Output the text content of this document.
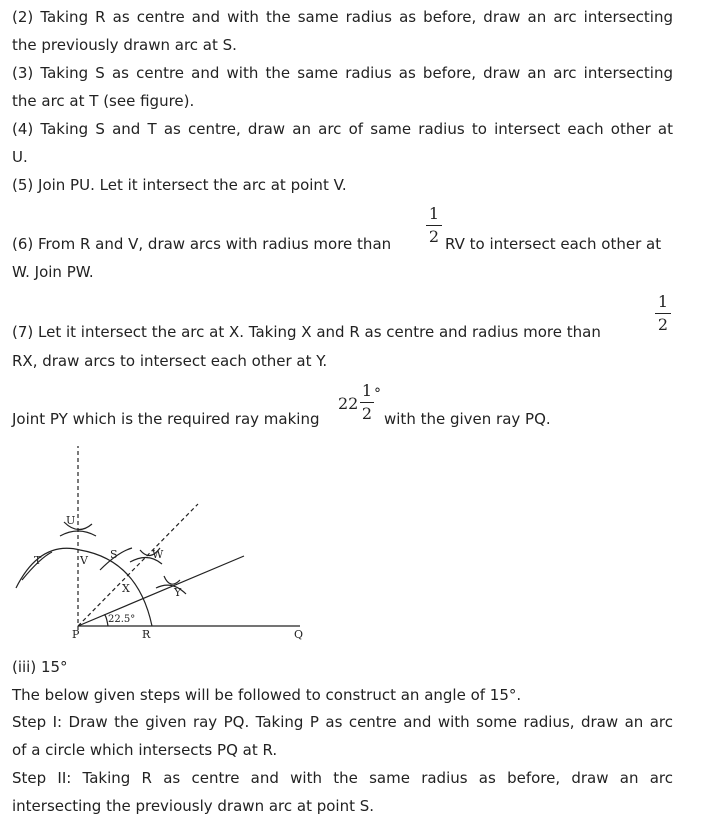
(2) Taking R as centre and with the same radius as before, draw an arc intersecting
the previously drawn arc at S.
(3) Taking S as centre and with the same radius as before, draw an arc intersecting
the arc at T (see figure).
(4) Taking S and T as centre, draw an arc of same radius to intersect each other at
U.
(5) Join PU. Let it intersect the arc at point V.
(6) From R and V, draw arcs with radius more than
1
2 RV to intersect each other at
W. Join PW.
(7) Let it intersect the arc at X. Taking X and R as centre and radius more than
1
2
RX, draw arcs to intersect each other at Y.
Joint PY which is the required ray making
22
1
2
°
with the given ray PQ.
U
V
T	S	W
X	Y
22.5°
P	R	Q
(iii) 15°
The below given steps will be followed to construct an angle of 15°.
Step I: Draw the given ray PQ. Taking P as centre and with some radius, draw an arc
of a circle which intersects PQ at R.
Step II: Taking R as centre and with the same radius as before, draw an arc
intersecting the previously drawn arc at point S.
